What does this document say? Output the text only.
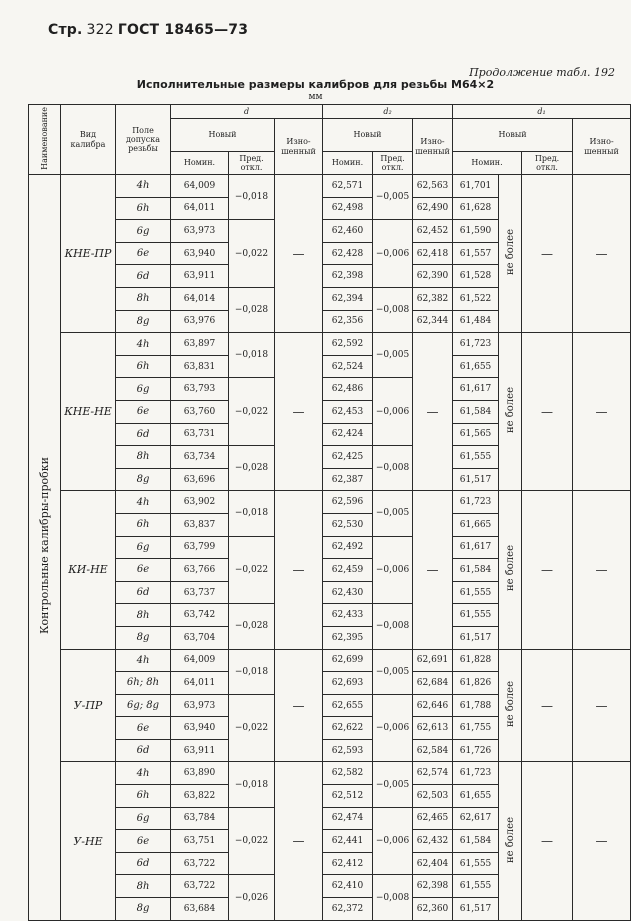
Стр. 322 ГОСТ 18465—73
Продолжение табл. 192
Исполнительные размеры калибров для резьбы M64×2
мм
Наименование	Вид калибра	Поле допуска резьбы	d			d₂			d₁			
			Новый		Изно-шенный	Новый		Изно-шенный	Новый			Изно-шенный
			Номин.	Пред. откл.		Номин.	Пред. откл.		Номин.		Пред. откл.	
Контрольные калибры-пробки	КНЕ-ПР	4h	64,009	−0,018	—	62,571	−0,005	62,563	61,701	не более	—	—
		6h	64,011			62,498		62,490	61,628			
		6g	63,973	−0,022		62,460	−0,006	62,452	61,590			
		6e	63,940			62,428		62,418	61,557			
		6d	63,911			62,398		62,390	61,528			
		8h	64,014	−0,028		62,394	−0,008	62,382	61,522			
		8g	63,976			62,356		62,344	61,484			
	КНЕ-НЕ	4h	63,897	−0,018	—	62,592	−0,005	—	61,723	не более	—	—
		6h	63,831			62,524			61,655			
		6g	63,793	−0,022		62,486	−0,006		61,617			
		6e	63,760			62,453			61,584			
		6d	63,731			62,424			61,565			
		8h	63,734	−0,028		62,425	−0,008		61,555			
		8g	63,696			62,387			61,517			
	КИ-НЕ	4h	63,902	−0,018	—	62,596	−0,005	—	61,723	не более	—	—
		6h	63,837			62,530			61,665			
		6g	63,799	−0,022		62,492	−0,006		61,617			
		6e	63,766			62,459			61,584			
		6d	63,737			62,430			61,555			
		8h	63,742	−0,028		62,433	−0,008		61,555			
		8g	63,704			62,395			61,517			
	У-ПР	4h	64,009	−0,018	—	62,699	−0,005	62,691	61,828	не более	—	—
		6h; 8h	64,011			62,693		62,684	61,826			
		6g; 8g	63,973	−0,022		62,655	−0,006	62,646	61,788			
		6e	63,940			62,622		62,613	61,755			
		6d	63,911			62,593		62,584	61,726			
	У-НЕ	4h	63,890	−0,018	—	62,582	−0,005	62,574	61,723	не более	—	—
		6h	63,822			62,512		62,503	61,655			
		6g	63,784	−0,022		62,474	−0,006	62,465	62,617			
		6e	63,751			62,441		62,432	61,584			
		6d	63,722			62,412		62,404	61,555			
		8h	63,722	−0,026		62,410	−0,008	62,398	61,555			
		8g	63,684			62,372		62,360	61,517			
